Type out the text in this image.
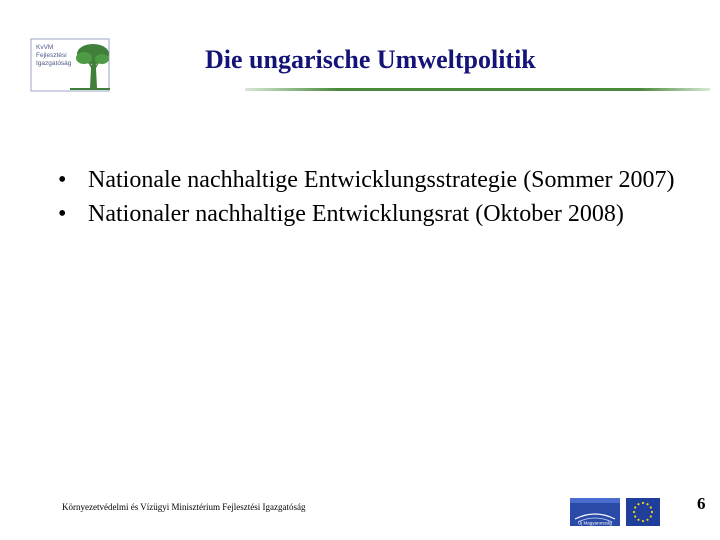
KvVM
Fejlesztési
Igazgatóság	Die ungarische Umweltpolitik
• Nationale nachhaltige Entwicklungsstrategie (Sommer 2007)
• Nationaler nachhaltige Entwicklungsrat (Oktober 2008)
Környezetvédelmi és Vízügyi Minisztérium Fejlesztési Igazgatóság
Új Magyarország
6
